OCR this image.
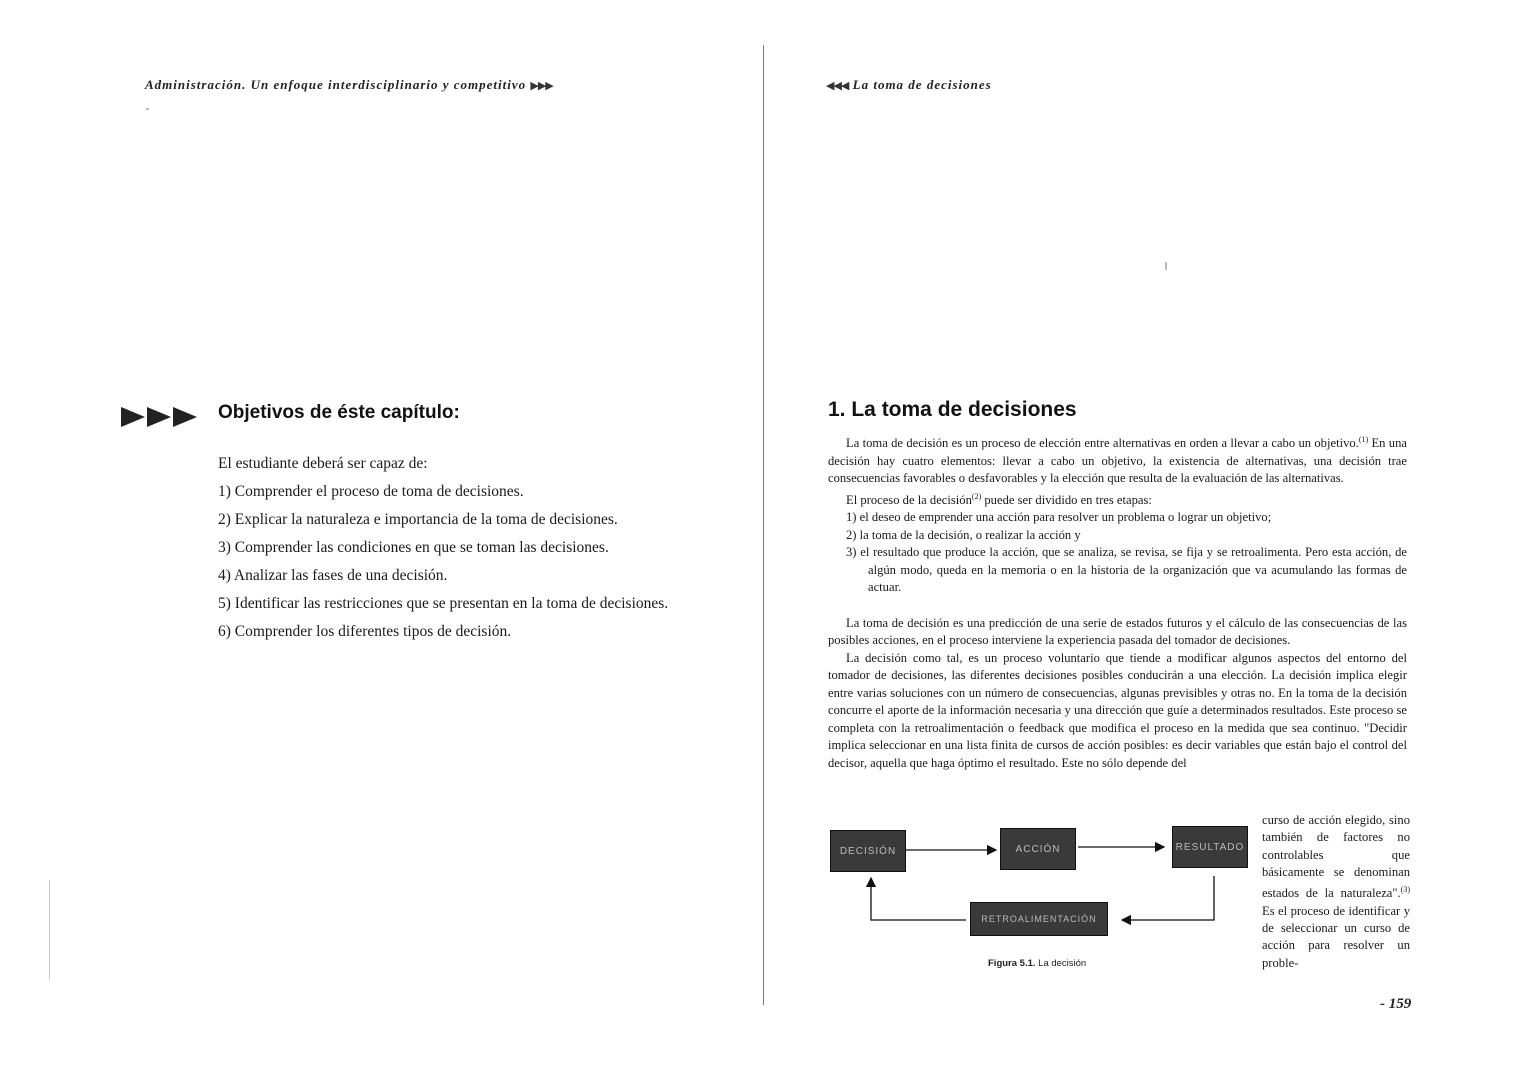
Administración. Un enfoque interdisciplinario y competitivo ▶▶▶
Objetivos de éste capítulo:
El estudiante deberá ser capaz de:
1) Comprender el proceso de toma de decisiones.
2) Explicar la naturaleza e importancia de la toma de decisiones.
3) Comprender las condiciones en que se toman las decisiones.
4) Analizar las fases de una decisión.
5) Identificar las restricciones que se presentan en la toma de decisiones.
6) Comprender los diferentes tipos de decisión.
◀◀◀ La toma de decisiones
1. La toma de decisiones

La toma de decisión es un proceso de elección entre alternativas en orden a llevar a cabo un objetivo.$^{(1)}$ En una decisión hay cuatro elementos: llevar a cabo un objetivo, la existencia de alternativas, una decisión trae consecuencias favorables o desfavorables y la elección que resulta de la evaluación de las alternativas.

El proceso de la decisión$^{(2)}$ puede ser dividido en tres etapas:

1) el deseo de emprender una acción para resolver un problema o lograr un objetivo;

2) la toma de la decisión, o realizar la acción y

3) el resultado que produce la acción, que se analiza, se revisa, se fija y se retroalimenta. Pero esta acción, de algún modo, queda en la memoria o en la historia de la organización que va acumulando las formas de actuar.

La toma de decisión es una predicción de una serie de estados futuros y el cálculo de las consecuencias de las posibles acciones, en el proceso interviene la experiencia pasada del tomador de decisiones.

La decisión como tal, es un proceso voluntario que tiende a modificar algunos aspectos del entorno del tomador de decisiones, las diferentes decisiones posibles conducirán a una elección. La decisión implica elegir entre varias soluciones con un número de consecuencias, algunas previsibles y otras no. En la toma de la decisión concurre el aporte de la información necesaria y una dirección que guíe a determinados resultados. Este proceso se completa con la retroalimentación o feedback que modifica el proceso en la medida que sea continuo. "Decidir implica seleccionar en una lista finita de cursos de acción posibles: es decir variables que están bajo el control del decisor, aquella que haga óptimo el resultado. Este no sólo depende del

DECISIÓN	ACCIÓN	RESULTADO
RETROALIMENTACIÓN
Figura 5.1. La decisión
curso de acción elegido, sino también de factores no controlables que básicamente se denominan estados de la naturaleza".$^{(3)}$ Es el proceso de identificar y de seleccionar un curso de acción para resolver un proble-
- 159
